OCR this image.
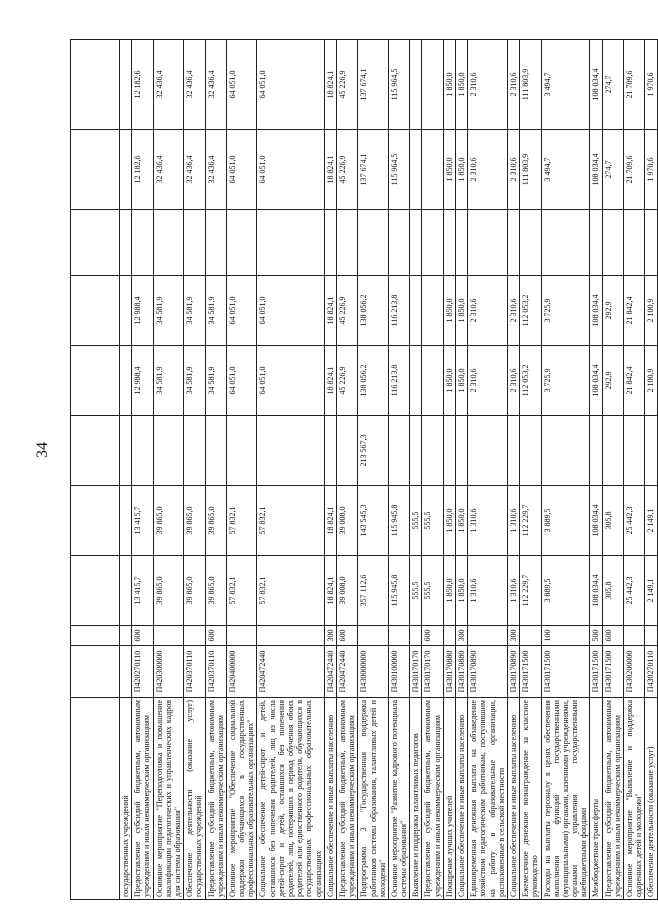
34

государственных учреждений										
Предоставление субсидий бюджетным, автономным учреждениям и иным некоммерческим организациям	П420270110	600	13 415,7	13 415,7		12 988,4	12 988,4		12 182,6	12 182,6
Основное мероприятие "Переподготовка и повышение квалификации педагогических и управленческих кадров для системы образования"	П420300000		39 865,0	39 865,0		34 581,9	34 581,9		32 436,4	32 436,4
Обеспечение деятельности (оказание услуг) государственных учреждений	П420370110		39 865,0	39 865,0		34 581,9	34 581,9		32 436,4	32 436,4
Предоставление субсидий бюджетным, автономным учреждениям и иным некоммерческим организациям	П420370110	600	39 865,0	39 865,0		34 581,9	34 581,9		32 436,4	32 436,4
Основное мероприятие "Обеспечение социальной поддержки обучающихся в государственных профессиональных образовательных организациях"	П420400000		57 832,1	57 832,1		64 051,0	64 051,0		64 051,0	64 051,0
Социальное обеспечение детей-сирот и детей, оставшихся без попечения родителей, лиц из числа детей-сирот и детей, оставшихся без попечения родителей, лиц, потерявших в период обучения обоих родителей или единственного родителя, обучающихся в государственных профессиональных образовательных организациях	П420472440		57 832,1	57 832,1		64 051,0	64 051,0		64 051,0	64 051,0
Социальное обеспечение и иные выплаты населению	П420472440	300	18 824,1	18 824,1		18 824,1	18 824,1		18 824,1	18 824,1
Предоставление субсидий бюджетным, автономным учреждениям и иным некоммерческим организациям	П420472440	600	39 008,0	39 008,0		45 226,9	45 226,9		45 226,9	45 226,9
Подпрограмма 3 "Государственная поддержка работников системы образования, талантливых детей и молодежи"	П430000000		357 112,6	143 545,3	213 567,3	138 056,2	138 056,2		137 674,1	137 674,1
Основное мероприятие "Развитие кадрового потенциала системы образования"	П430100000		115 945,8	115 945,8		116 213,8	116 213,8		115 964,5	115 964,5
Выявление и поддержка талантливых педагогов	П430170170		555,5	555,5						
Предоставление субсидий бюджетным, автономным учреждениям и иным некоммерческим организациям	П430170170	600	555,5	555,5						
Поощрение лучших учителей	П430170880		1 850,0	1 850,0		1 850,0	1 850,0		1 850,0	1 850,0
Социальное обеспечение и иные выплаты населению	П430170880	300	1 850,0	1 850,0		1 850,0	1 850,0		1 850,0	1 850,0
Единовременная денежная выплата на обзаведение хозяйством педагогическим работникам, поступившим на работу в образовательные организации, расположенные в сельской местности	П430170890		1 310,6	1 310,6		2 310,6	2 310,6		2 310,6	2 310,6
Социальное обеспечение и иные выплаты населению	П430170890	300	1 310,6	1 310,6		2 310,6	2 310,6		2 310,6	2 310,6
Ежемесячное денежное вознаграждение за классное руководство	П430171500		112 229,7	112 229,7		112 053,2	112 053,2		111 803,9	111 803,9
Расходы на выплаты персоналу в целях обеспечения выполнения функций государственными (муниципальными) органами, казенными учреждениями, органами управления государственными внебюджетными фондами	П430171500	100	3 889,5	3 889,5		3 725,9	3 725,9		3 494,7	3 494,7
Межбюджетные трансферты	П430171500	500	108 034,4	108 034,4		108 034,4	108 034,4		108 034,4	108 034,4
Предоставление субсидий бюджетным, автономным учреждениям и иным некоммерческим организациям	П430171500	600	305,8	305,8		292,9	292,9		274,7	274,7
Основное мероприятие "Выявление и поддержка одаренных детей и молодежи"	П430200000		25 442,3	25 442,3		21 842,4	21 842,4		21 709,6	21 709,6
Обеспечение деятельности (оказание услуг)	П430270110		2 149,1	2 149,1		2 100,9	2 100,9		1 970,6	1 970,6
